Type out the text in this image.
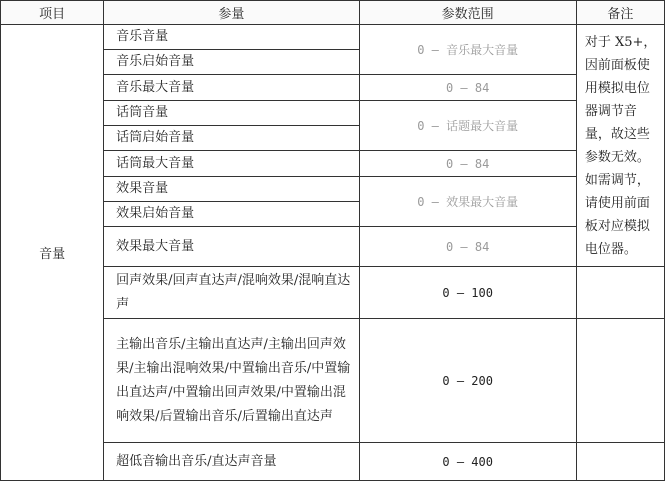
项目	参量	参数范围	备注
音量	音乐音量	0 – 音乐最大音量	对于 X5+，因前面板使用模拟电位器调节音量，故这些参数无效。如需调节，请使用前面板对应模拟电位器。
	音乐启始音量		
	音乐最大音量	0 – 84	
	话筒音量	0 – 话题最大音量	
	话筒启始音量		
	话筒最大音量	0 – 84	
	效果音量	0 – 效果最大音量	
	效果启始音量		
	效果最大音量	0 – 84	
	回声效果/回声直达声/混响效果/混响直达声	0 – 100	
	主输出音乐/主输出直达声/主输出回声效果/主输出混响效果/中置输出音乐/中置输出直达声/中置输出回声效果/中置输出混响效果/后置输出音乐/后置输出直达声	0 – 200	
	超低音输出音乐/直达声音量	0 – 400	
